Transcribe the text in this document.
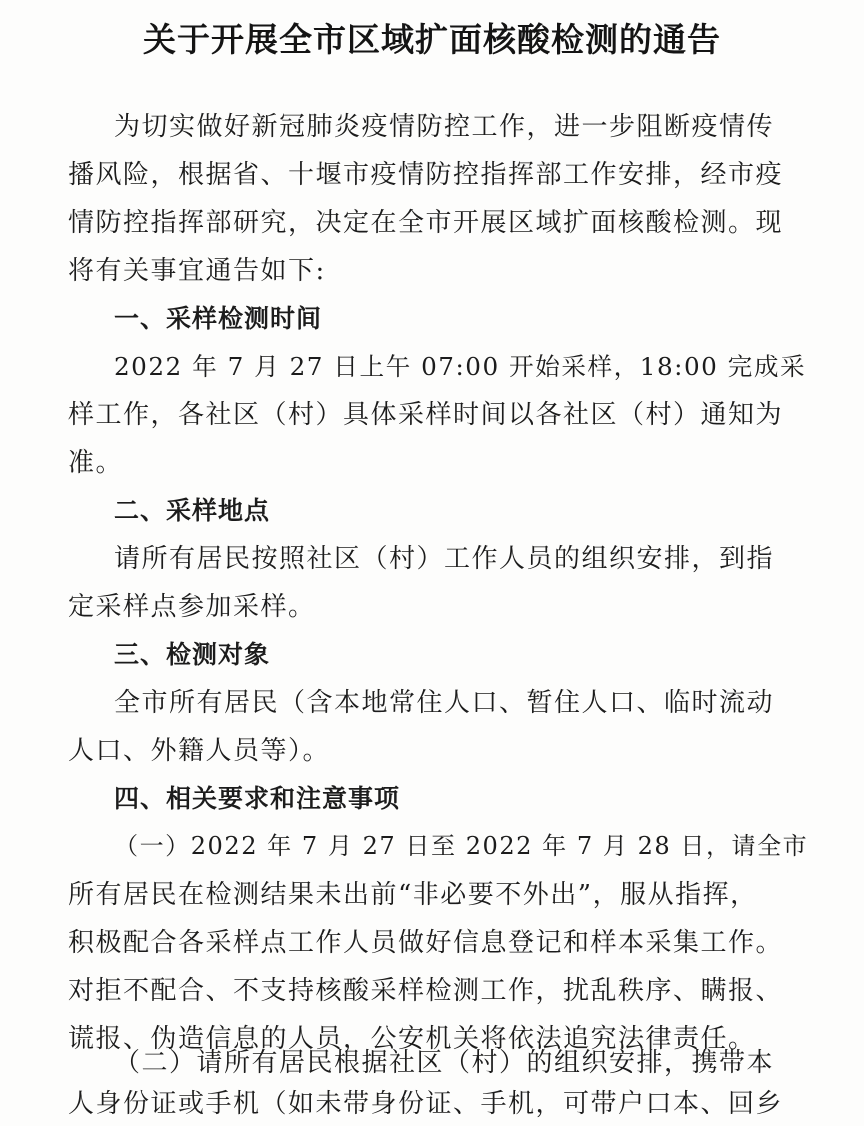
关于开展全市区域扩面核酸检测的通告

为切实做好新冠肺炎疫情防控工作，进一步阻断疫情传

播风险，根据省、十堰市疫情防控指挥部工作安排，经市疫

情防控指挥部研究，决定在全市开展区域扩面核酸检测。现

将有关事宜通告如下:

一、采样检测时间

2022 年 7 月 27 日上午 07:00 开始采样，18:00 完成采

样工作，各社区（村）具体采样时间以各社区（村）通知为

准。

二、采样地点

请所有居民按照社区（村）工作人员的组织安排，到指

定采样点参加采样。

三、检测对象

全市所有居民（含本地常住人口、暂住人口、临时流动

人口、外籍人员等）。

四、相关要求和注意事项

（一）2022 年 7 月 27 日至 2022 年 7 月 28 日，请全市

所有居民在检测结果未出前“非必要不外出”，服从指挥，

积极配合各采样点工作人员做好信息登记和样本采集工作。

对拒不配合、不支持核酸采样检测工作，扰乱秩序、瞒报、

谎报、伪造信息的人员，公安机关将依法追究法律责任。

（二）请所有居民根据社区（村）的组织安排，携带本

人身份证或手机（如未带身份证、手机，可带户口本、回乡
